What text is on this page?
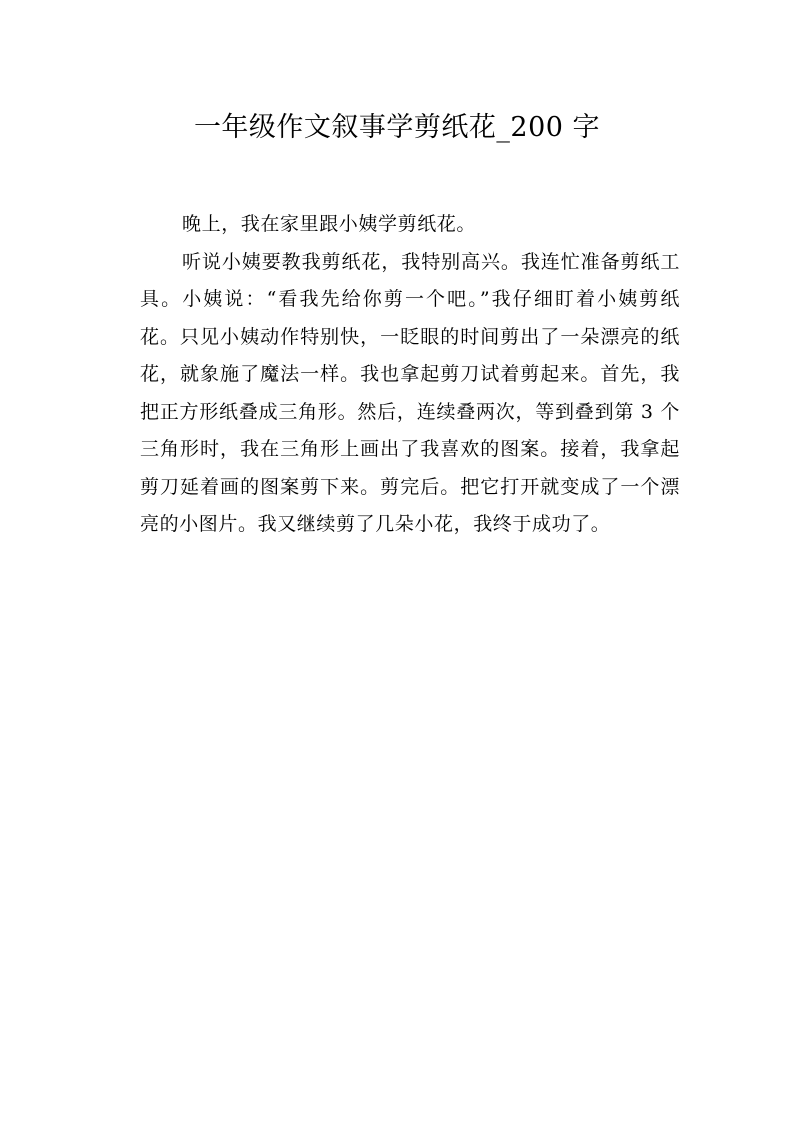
一年级作文叙事学剪纸花_200 字

晚上，我在家里跟小姨学剪纸花。

听说小姨要教我剪纸花，我特别高兴。我连忙准备剪纸工具。小姨说：“看我先给你剪一个吧。”我仔细盯着小姨剪纸花。只见小姨动作特别快，一眨眼的时间剪出了一朵漂亮的纸花，就象施了魔法一样。我也拿起剪刀试着剪起来。首先，我把正方形纸叠成三角形。然后，连续叠两次，等到叠到第 3 个三角形时，我在三角形上画出了我喜欢的图案。接着，我拿起剪刀延着画的图案剪下来。剪完后。把它打开就变成了一个漂亮的小图片。我又继续剪了几朵小花，我终于成功了。
